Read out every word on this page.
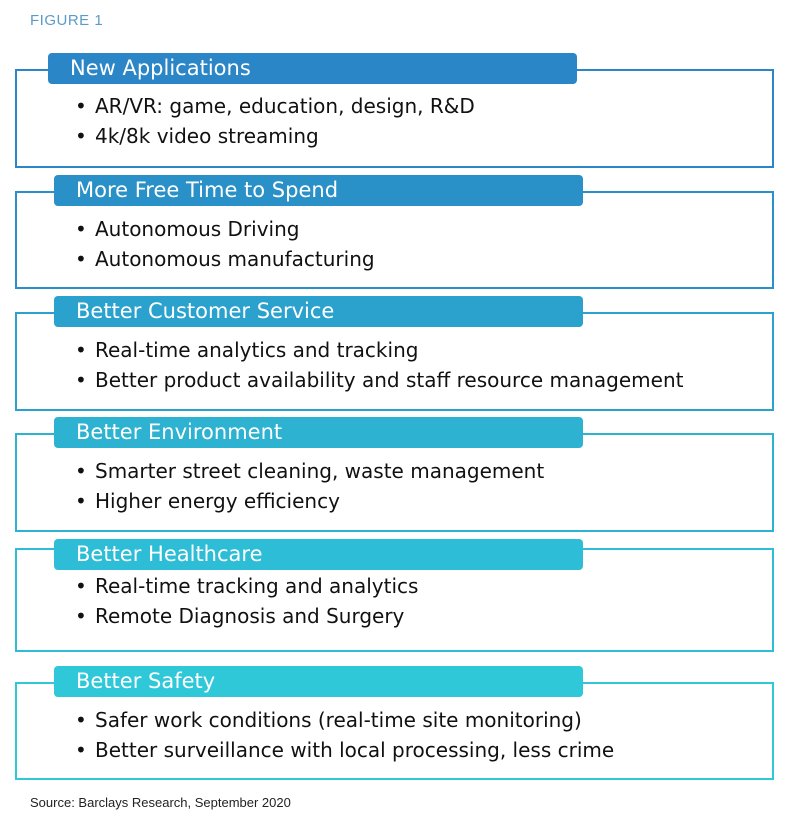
FIGURE 1
New Applications
• AR/VR: game, education, design, R&D
• 4k/8k video streaming
More Free Time to Spend
• Autonomous Driving
• Autonomous manufacturing
Better Customer Service
• Real-time analytics and tracking
• Better product availability and staff resource management
Better Environment
• Smarter street cleaning, waste management
• Higher energy efficiency
Better Healthcare
• Real-time tracking and analytics
• Remote Diagnosis and Surgery
Better Safety
• Safer work conditions (real-time site monitoring)
• Better surveillance with local processing, less crime
Source: Barclays Research, September 2020
